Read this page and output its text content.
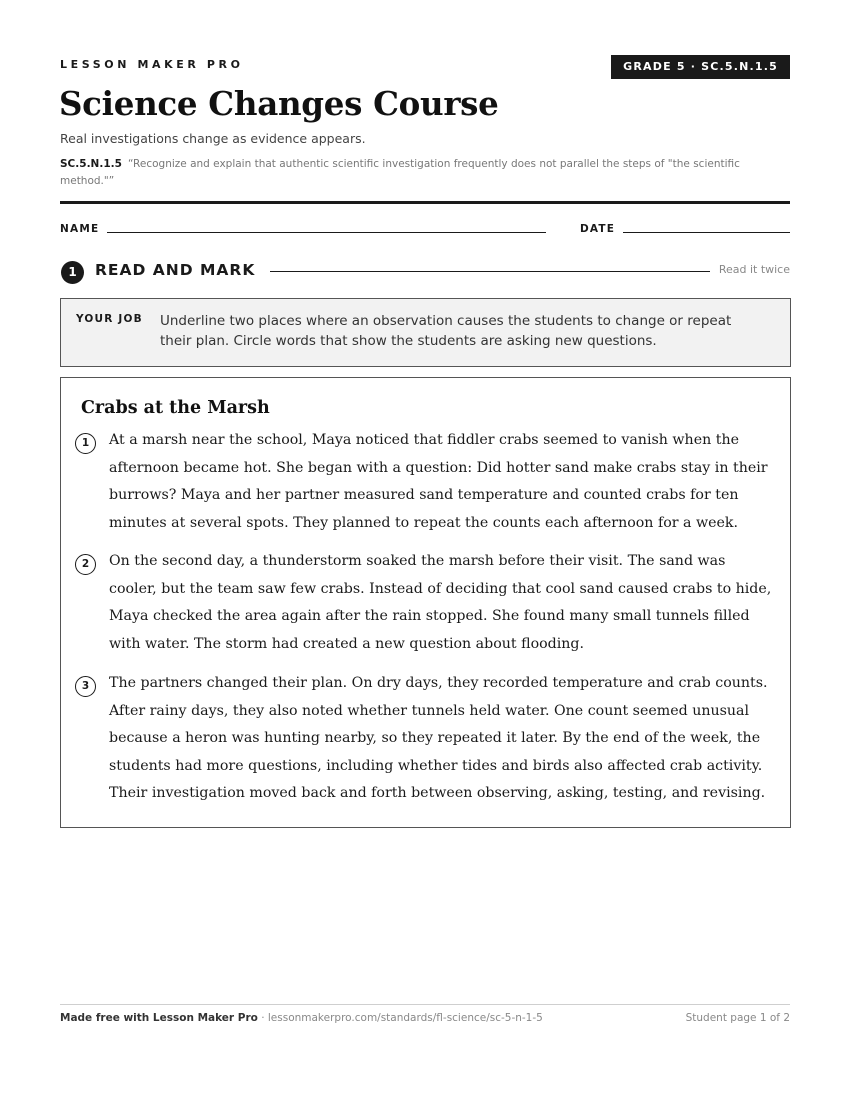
LESSON MAKER PRO	GRADE 5 · SC.5.N.1.5
Science Changes Course
Real investigations change as evidence appears.
SC.5.N.1.5 “Recognize and explain that authentic scientific investigation frequently does not parallel the steps of "the scientific method."”
NAME	DATE
1	READ AND MARK	Read it twice
YOUR JOB Underline two places where an observation causes the students to change or repeat their plan. Circle words that show the students are asking new questions.
Crabs at the Marsh
1	At a marsh near the school, Maya noticed that fiddler crabs seemed to vanish when the afternoon became hot. She began with a question: Did hotter sand make crabs stay in their burrows? Maya and her partner measured sand temperature and counted crabs for ten minutes at several spots. They planned to repeat the counts each afternoon for a week.
2	On the second day, a thunderstorm soaked the marsh before their visit. The sand was cooler, but the team saw few crabs. Instead of deciding that cool sand caused crabs to hide, Maya checked the area again after the rain stopped. She found many small tunnels filled with water. The storm had created a new question about flooding.
3	The partners changed their plan. On dry days, they recorded temperature and crab counts. After rainy days, they also noted whether tunnels held water. One count seemed unusual because a heron was hunting nearby, so they repeated it later. By the end of the week, the students had more questions, including whether tides and birds also affected crab activity. Their investigation moved back and forth between observing, asking, testing, and revising.
Made free with Lesson Maker Pro · lessonmakerpro.com/standards/fl-science/sc-5-n-1-5	Student page 1 of 2
